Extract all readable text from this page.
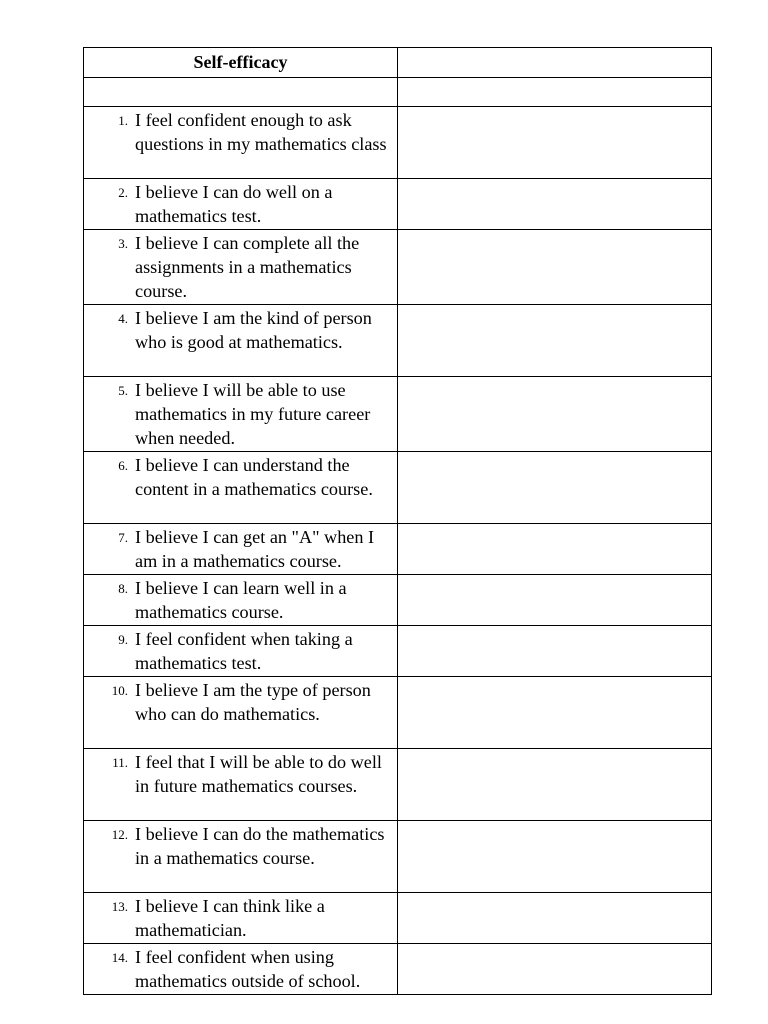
Self-efficacy	

1. I feel confident enough to ask questions in my mathematics class	

2. I believe I can do well on a mathematics test.	

3. I believe I can complete all the assignments in a mathematics course.	

4. I believe I am the kind of person who is good at mathematics.	

5. I believe I will be able to use mathematics in my future career when needed.	

6. I believe I can understand the content in a mathematics course.	

7. I believe I can get an "A" when I am in a mathematics course.	

8. I believe I can learn well in a mathematics course.	

9. I feel confident when taking a mathematics test.	

10. I believe I am the type of person who can do mathematics.	

11. I feel that I will be able to do well in future mathematics courses.	

12. I believe I can do the mathematics in a mathematics course.	

13. I believe I can think like a mathematician.	

14. I feel confident when using mathematics outside of school.	
